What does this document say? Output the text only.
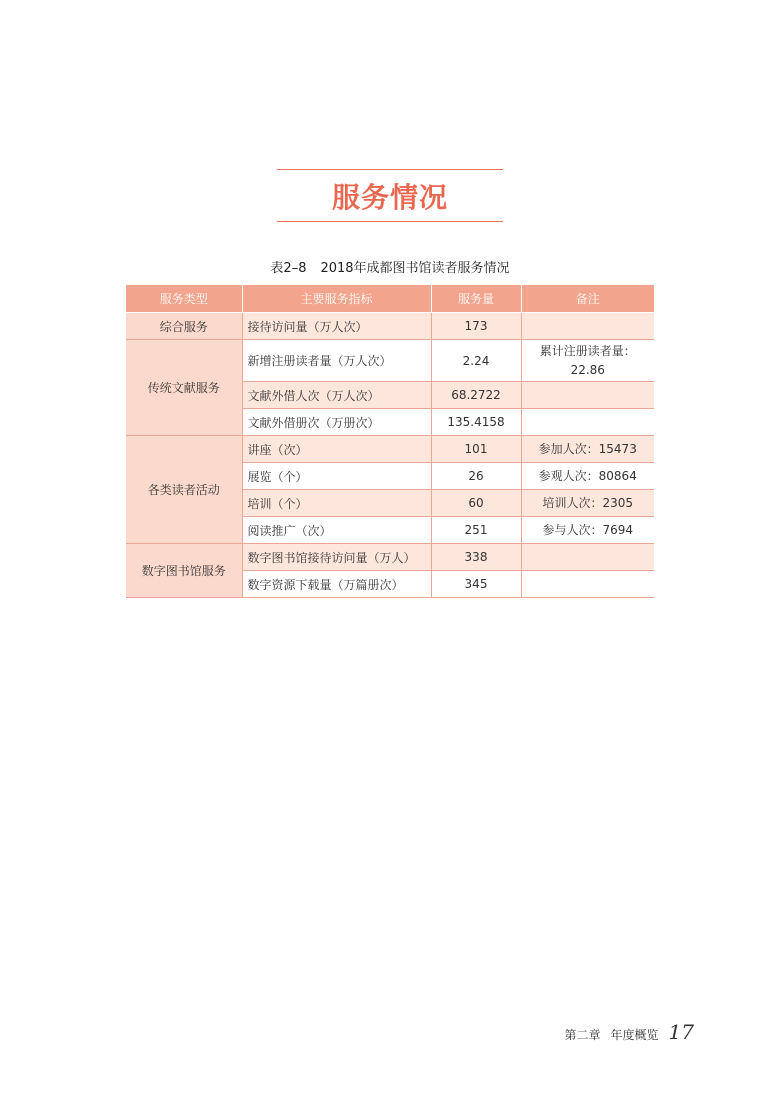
服务情况
表2–8 2018年成都图书馆读者服务情况
服务类型	主要服务指标	服务量	备注
综合服务	接待访问量（万人次）	173	
传统文献服务	新增注册读者量（万人次）	2.24	累计注册读者量：
22.86

	文献外借人次（万人次）	68.2722	
	文献外借册次（万册次）	135.4158	
各类读者活动	讲座（次）	101	参加人次：15473
	展览（个）	26	参观人次：80864
	培训（个）	60	培训人次：2305
	阅读推广（次）	251	参与人次：7694
数字图书馆服务	数字图书馆接待访问量（万人）	338	
	数字资源下载量（万篇册次）	345	
第二章 年度概览 17
